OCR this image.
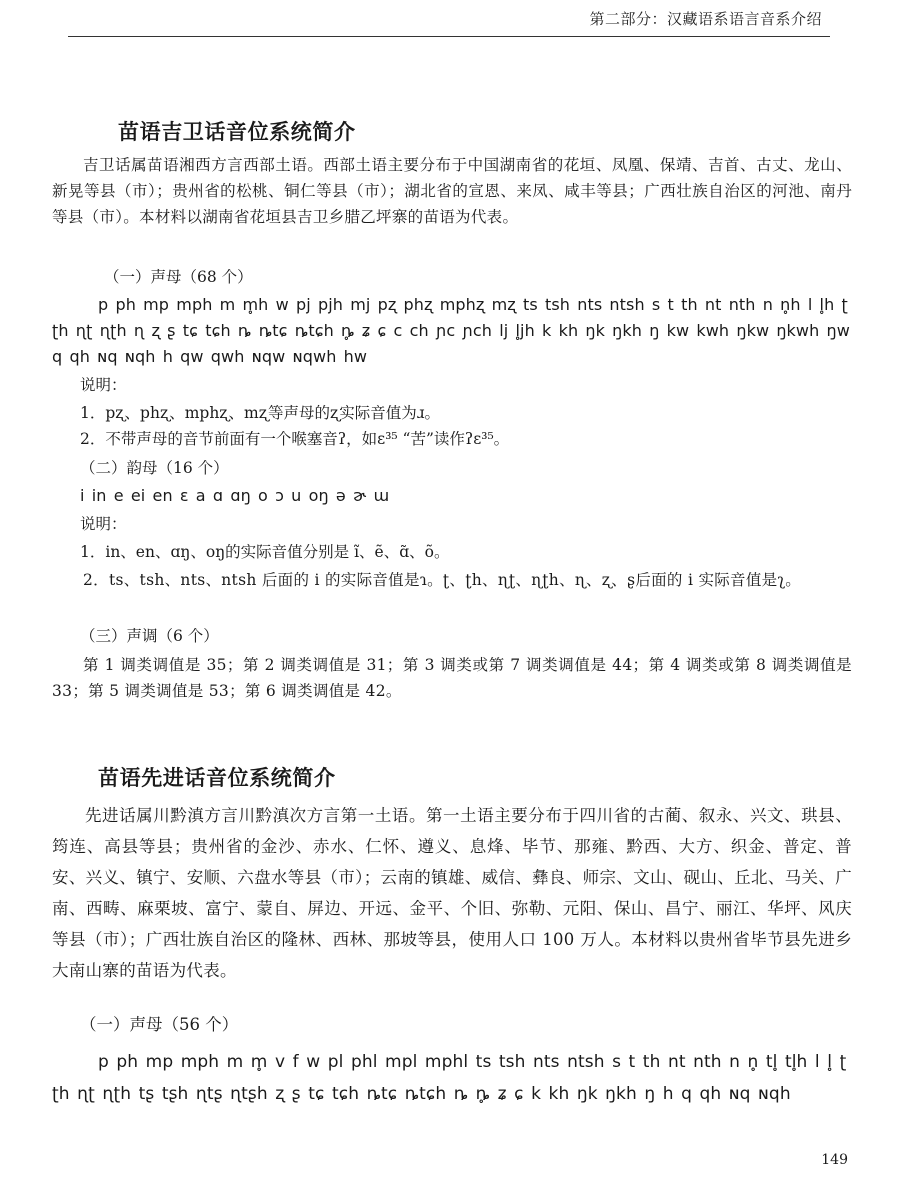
第二部分：汉藏语系语言音系介绍
苗语吉卫话音位系统简介

吉卫话属苗语湘西方言西部土语。西部土语主要分布于中国湖南省的花垣、凤凰、保靖、吉首、古丈、龙山、新晃等县（市）；贵州省的松桃、铜仁等县（市）；湖北省的宣恩、来凤、咸丰等县；广西壮族自治区的河池、南丹等县（市）。本材料以湖南省花垣县吉卫乡腊乙坪寨的苗语为代表。

（一）声母（68 个）

p ph mp mph m m̥h w pj pjh mj pʐ phʐ mphʐ mʐ ts tsh nts ntsh s t th nt nth n n̥h l l̥h ʈ ʈh ɳʈ ɳʈh ɳ ʐ ʂ tɕ tɕh ȵ ȵtɕ ȵtɕh ȵ̥ ʑ ɕ c ch ɲc ɲch lj l̥jh k kh ŋk ŋkh ŋ kw kwh ŋkw ŋkwh ŋw q qh ɴq ɴqh h qw qwh ɴqw ɴqwh hw

说明：

1．pʐ、phʐ、mphʐ、mʐ等声母的ʐ实际音值为ɹ。

2．不带声母的音节前面有一个喉塞音ʔ，如ɛ³⁵ “苦”读作ʔɛ³⁵。

（二）韵母（16 个）

i in e ei en ɛ a ɑ ɑŋ o ɔ u oŋ ə ɚ ɯ

说明：

1．in、en、ɑŋ、oŋ的实际音值分别是 ĩ、ẽ、ɑ̃、õ。

2．ts、tsh、nts、ntsh 后面的 i 的实际音值是ɿ。ʈ、ʈh、ɳʈ、ɳʈh、ɳ、ʐ、ʂ后面的 i 实际音值是ʅ。

（三）声调（6 个）

第 1 调类调值是 35；第 2 调类调值是 31；第 3 调类或第 7 调类调值是 44；第 4 调类或第 8 调类调值是 33；第 5 调类调值是 53；第 6 调类调值是 42。

苗语先进话音位系统简介

先进话属川黔滇方言川黔滇次方言第一土语。第一土语主要分布于四川省的古蔺、叙永、兴文、珙县、筠连、高县等县；贵州省的金沙、赤水、仁怀、遵义、息烽、毕节、那雍、黔西、大方、织金、普定、普安、兴义、镇宁、安顺、六盘水等县（市）；云南的镇雄、威信、彝良、师宗、文山、砚山、丘北、马关、广南、西畴、麻栗坡、富宁、蒙自、屏边、开远、金平、个旧、弥勒、元阳、保山、昌宁、丽江、华坪、风庆等县（市）；广西壮族自治区的隆林、西林、那坡等县，使用人口 100 万人。本材料以贵州省毕节县先进乡大南山寨的苗语为代表。

（一）声母（56 个）

p ph mp mph m m̥ v f w pl phl mpl mphl ts tsh nts ntsh s t th nt nth n n̥ tl̥ tl̥h l l̥ ʈ ʈh ɳʈ ɳʈh tʂ tʂh ɳtʂ ɳtʂh ʐ ʂ tɕ tɕh ȵtɕ ȵtɕh ȵ ȵ̥ ʑ ɕ k kh ŋk ŋkh ŋ h q qh ɴq ɴqh

149
